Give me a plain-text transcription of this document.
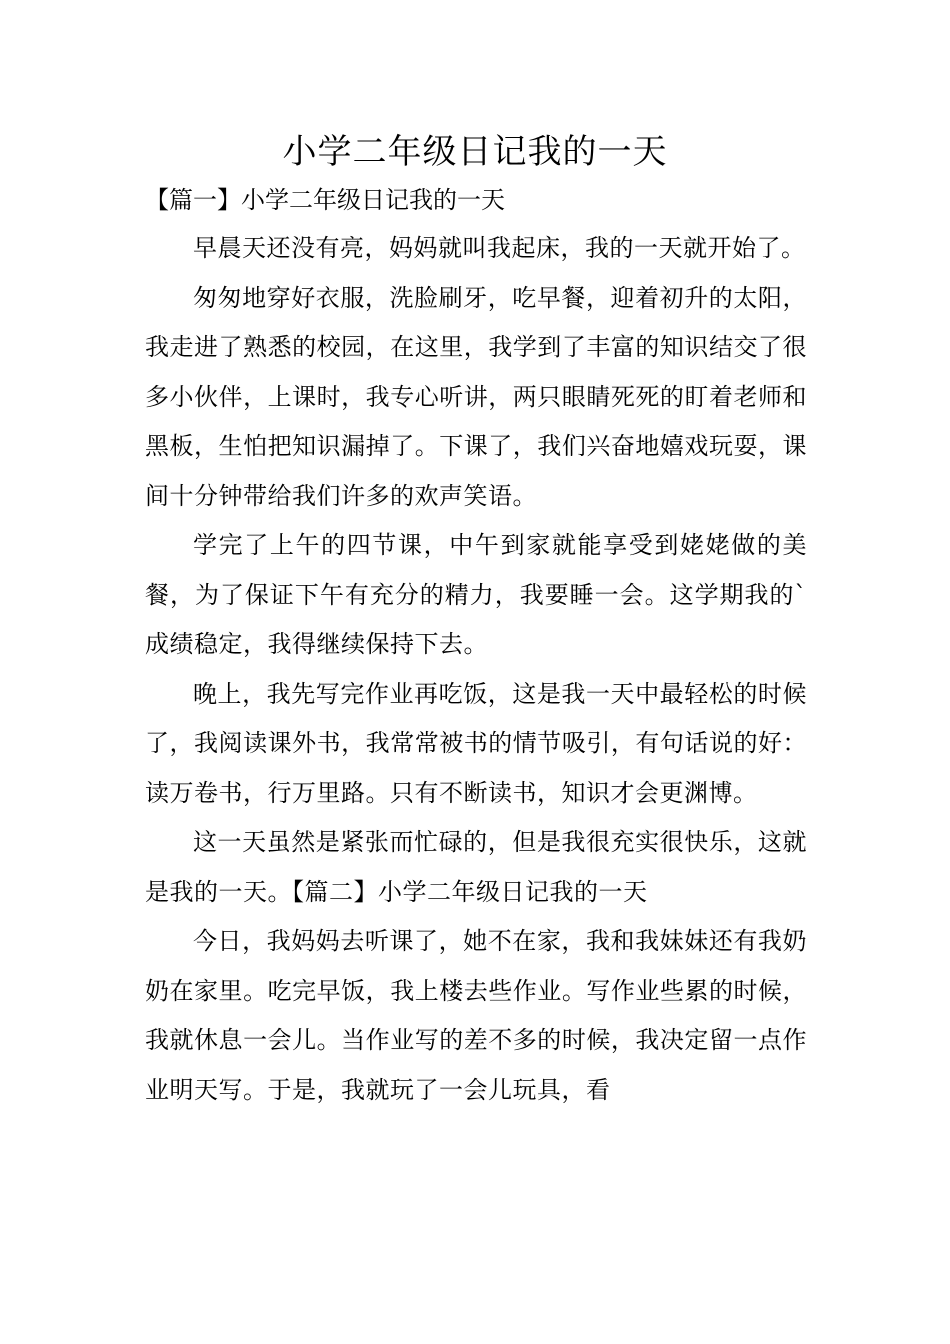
小学二年级日记我的一天
【篇一】小学二年级日记我的一天

早晨天还没有亮，妈妈就叫我起床，我的一天就开始了。

匆匆地穿好衣服，洗脸刷牙，吃早餐，迎着初升的太阳，我走进了熟悉的校园，在这里，我学到了丰富的知识结交了很多小伙伴，上课时，我专心听讲，两只眼睛死死的盯着老师和黑板，生怕把知识漏掉了。下课了，我们兴奋地嬉戏玩耍，课间十分钟带给我们许多的欢声笑语。

学完了上午的四节课，中午到家就能享受到姥姥做的美餐，为了保证下午有充分的精力，我要睡一会。这学期我的`成绩稳定，我得继续保持下去。

晚上，我先写完作业再吃饭，这是我一天中最轻松的时候了，我阅读课外书，我常常被书的情节吸引，有句话说的好：读万卷书，行万里路。只有不断读书，知识才会更渊博。

这一天虽然是紧张而忙碌的，但是我很充实很快乐，这就是我的一天。【篇二】小学二年级日记我的一天

今日，我妈妈去听课了，她不在家，我和我妹妹还有我奶奶在家里。吃完早饭，我上楼去些作业。写作业些累的时候，我就休息一会儿。当作业写的差不多的时候，我决定留一点作业明天写。于是，我就玩了一会儿玩具，看
